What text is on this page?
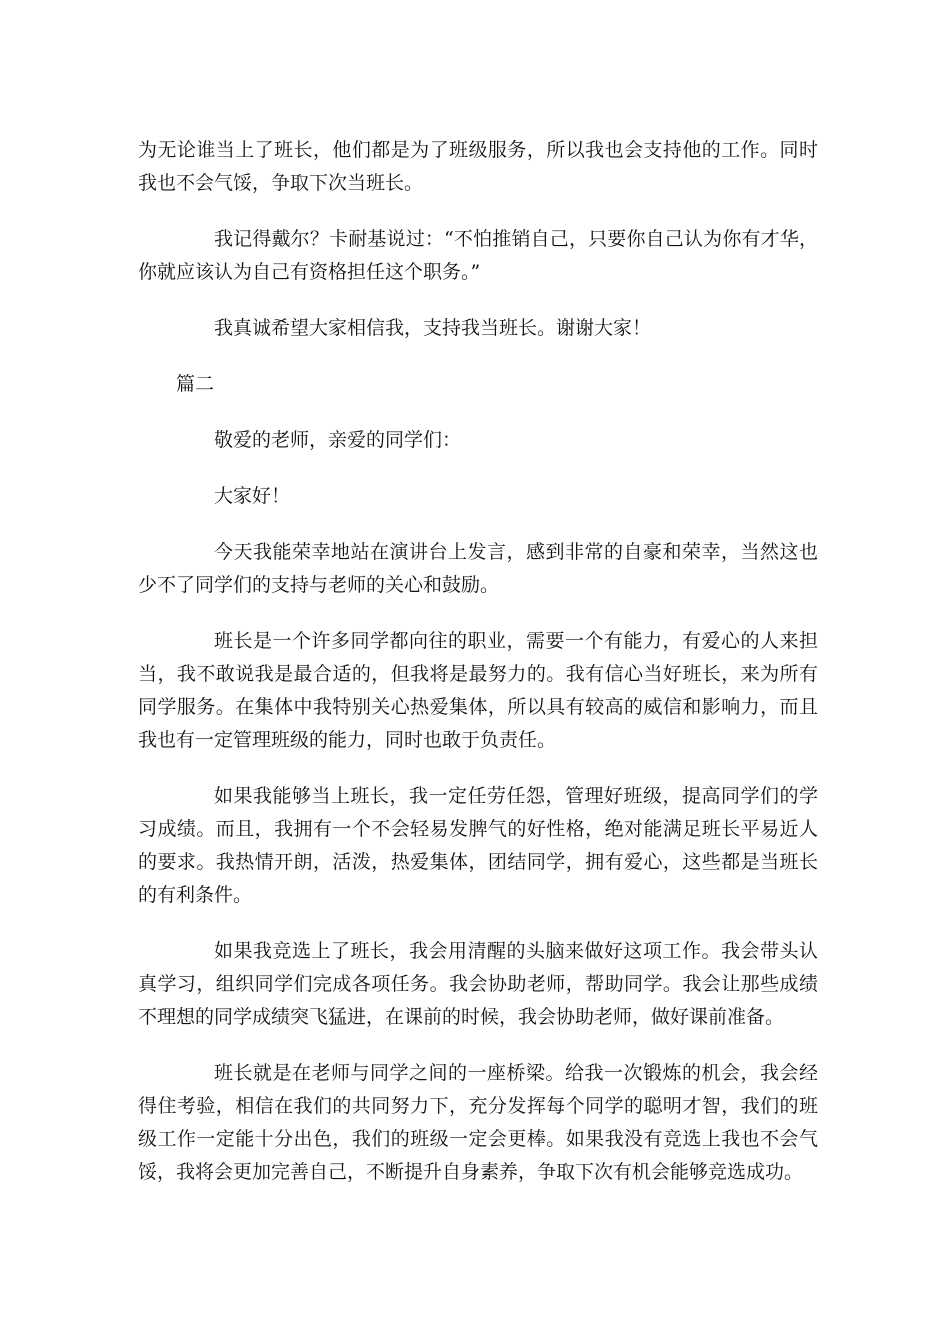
为无论谁当上了班长，他们都是为了班级服务，所以我也会支持他的工作。同时我也不会气馁，争取下次当班长。

我记得戴尔？卡耐基说过：“不怕推销自己，只要你自己认为你有才华，你就应该认为自己有资格担任这个职务。”

我真诚希望大家相信我，支持我当班长。谢谢大家！

篇二

敬爱的老师，亲爱的同学们：

大家好！

今天我能荣幸地站在演讲台上发言，感到非常的自豪和荣幸，当然这也少不了同学们的支持与老师的关心和鼓励。

班长是一个许多同学都向往的职业，需要一个有能力，有爱心的人来担当，我不敢说我是最合适的，但我将是最努力的。我有信心当好班长，来为所有同学服务。在集体中我特别关心热爱集体，所以具有较高的威信和影响力，而且我也有一定管理班级的能力，同时也敢于负责任。

如果我能够当上班长，我一定任劳任怨，管理好班级，提高同学们的学习成绩。而且，我拥有一个不会轻易发脾气的好性格，绝对能满足班长平易近人的要求。我热情开朗，活泼，热爱集体，团结同学，拥有爱心，这些都是当班长的有利条件。

如果我竞选上了班长，我会用清醒的头脑来做好这项工作。我会带头认真学习，组织同学们完成各项任务。我会协助老师，帮助同学。我会让那些成绩不理想的同学成绩突飞猛进，在课前的时候，我会协助老师，做好课前准备。

班长就是在老师与同学之间的一座桥梁。给我一次锻炼的机会，我会经得住考验，相信在我们的共同努力下，充分发挥每个同学的聪明才智，我们的班级工作一定能十分出色，我们的班级一定会更棒。如果我没有竞选上我也不会气馁，我将会更加完善自己，不断提升自身素养，争取下次有机会能够竞选成功。
